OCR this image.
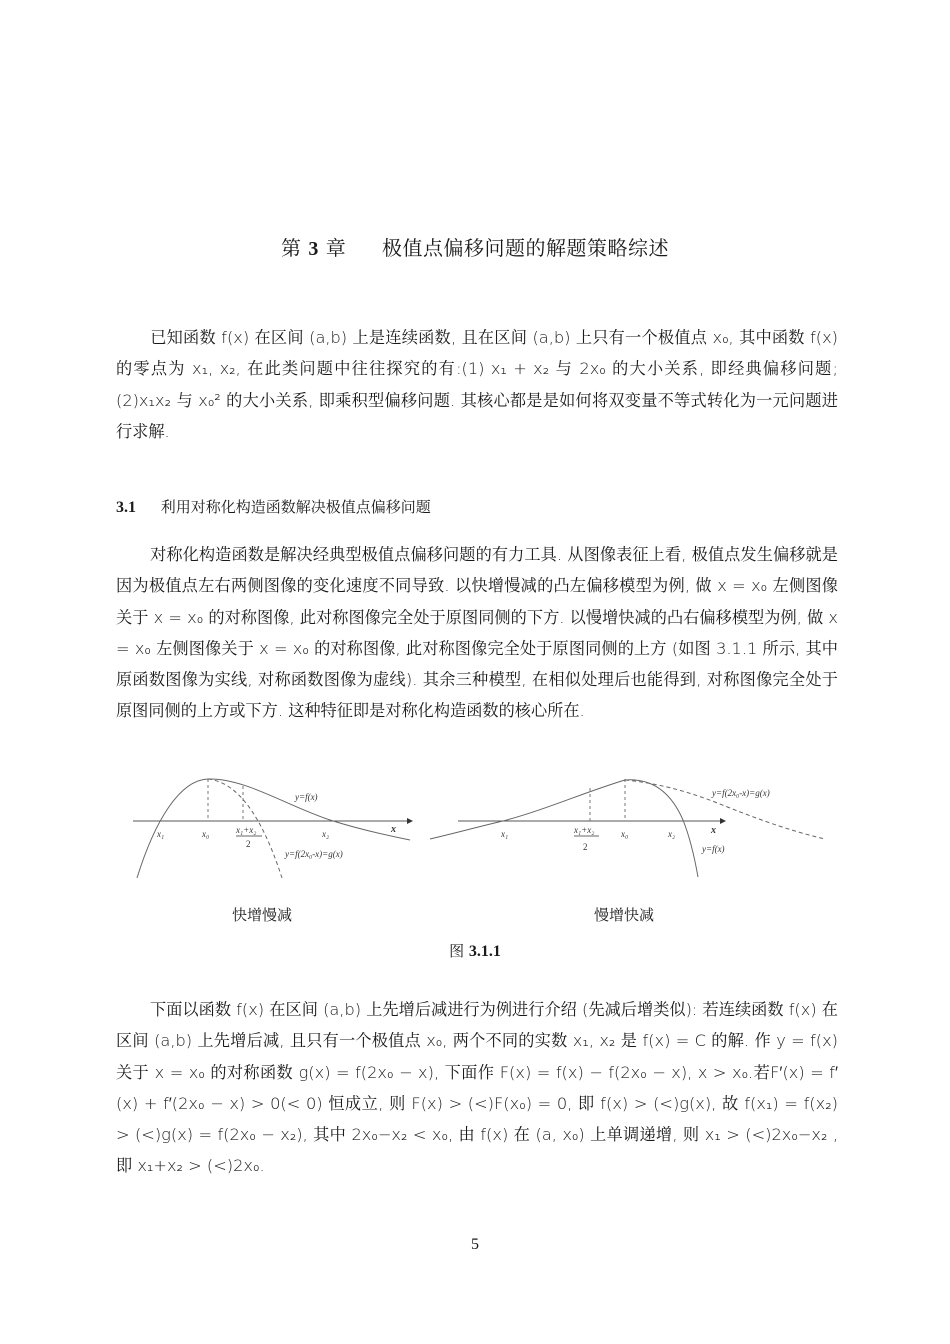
第 3 章 极值点偏移问题的解题策略综述
已知函数 f(x) 在区间 (a,b) 上是连续函数, 且在区间 (a,b) 上只有一个极值点 x₀, 其中函数 f(x) 的零点为 x₁, x₂, 在此类问题中往往探究的有:(1) x₁ + x₂ 与 2x₀ 的大小关系, 即经典偏移问题;(2)x₁x₂ 与 x₀² 的大小关系, 即乘积型偏移问题. 其核心都是是如何将双变量不等式转化为一元问题进行求解.
3.1 利用对称化构造函数解决极值点偏移问题
对称化构造函数是解决经典型极值点偏移问题的有力工具. 从图像表征上看, 极值点发生偏移就是因为极值点左右两侧图像的变化速度不同导致. 以快增慢减的凸左偏移模型为例, 做 x = x₀ 左侧图像关于 x = x₀ 的对称图像, 此对称图像完全处于原图同侧的下方. 以慢增快减的凸右偏移模型为例, 做 x = x₀ 左侧图像关于 x = x₀ 的对称图像, 此对称图像完全处于原图同侧的上方 (如图 3.1.1 所示, 其中原函数图像为实线, 对称函数图像为虚线). 其余三种模型, 在相似处理后也能得到, 对称图像完全处于原图同侧的上方或下方. 这种特征即是对称化构造函数的核心所在.
x₁	x₀	x₁+x₂
2
x₂	x
y=f(x)
y=f(2x₀-x)=g(x)
x₁	x₁+x₂
2
x₀	x₂	x
y=f(x)
y=f(2x₀-x)=g(x)
快增慢减	慢增快减
图 3.1.1
下面以函数 f(x) 在区间 (a,b) 上先增后减进行为例进行介绍 (先减后增类似): 若连续函数 f(x) 在区间 (a,b) 上先增后减, 且只有一个极值点 x₀, 两个不同的实数 x₁, x₂ 是 f(x) = C 的解. 作 y = f(x) 关于 x = x₀ 的对称函数 g(x) = f(2x₀ − x), 下面作 F(x) = f(x) − f(2x₀ − x), x > x₀.若F′(x) = f′(x) + f′(2x₀ − x) > 0(< 0) 恒成立, 则 F(x) > (<)F(x₀) = 0, 即 f(x) > (<)g(x), 故 f(x₁) = f(x₂) > (<)g(x) = f(2x₀ − x₂), 其中 2x₀−x₂ < x₀, 由 f(x) 在 (a, x₀) 上单调递增, 则 x₁ > (<)2x₀−x₂ , 即 x₁+x₂ > (<)2x₀.
5
